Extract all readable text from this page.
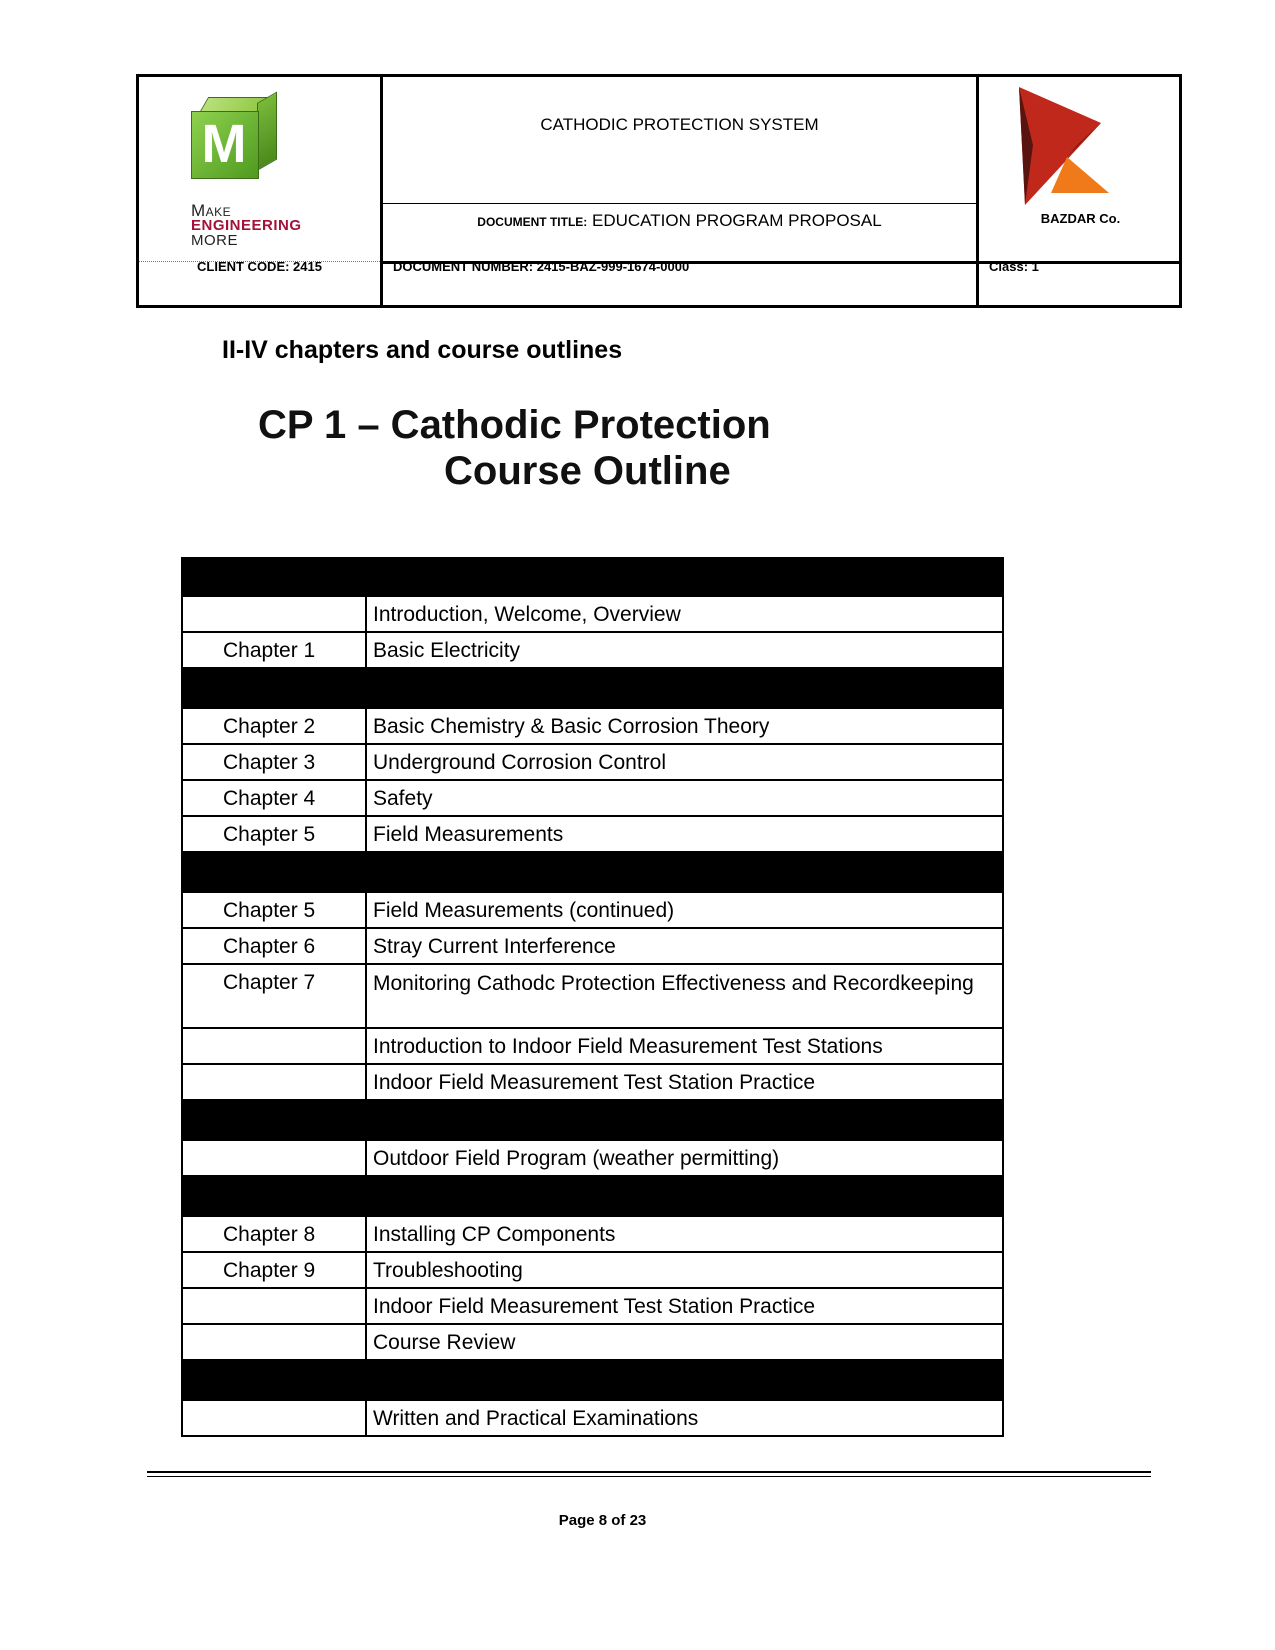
M
Make
ENGINEERING
MORE
CATHODIC PROTECTION SYSTEM
DOCUMENT TITLE: EDUCATION PROGRAM PROPOSAL	BAZDAR Co.
CLIENT CODE: 2415	DOCUMENT NUMBER: 2415-BAZ-999-1674-0000	Class: 1
II-IV chapters and course outlines
CP 1 – Cathodic Protection
Course Outline
Introduction, Welcome, Overview
Chapter 1	Basic Electricity
Chapter 2	Basic Chemistry & Basic Corrosion Theory
Chapter 3	Underground Corrosion Control
Chapter 4	Safety
Chapter 5	Field Measurements
Chapter 5	Field Measurements (continued)
Chapter 6	Stray Current Interference
Chapter 7	Monitoring Cathodc Protection Effectiveness and Recordkeeping
Introduction to Indoor Field Measurement Test Stations
Indoor Field Measurement Test Station Practice
Outdoor Field Program (weather permitting)
Chapter 8	Installing CP Components
Chapter 9	Troubleshooting
Indoor Field Measurement Test Station Practice
Course Review
Written and Practical Examinations
Page 8 of 23
